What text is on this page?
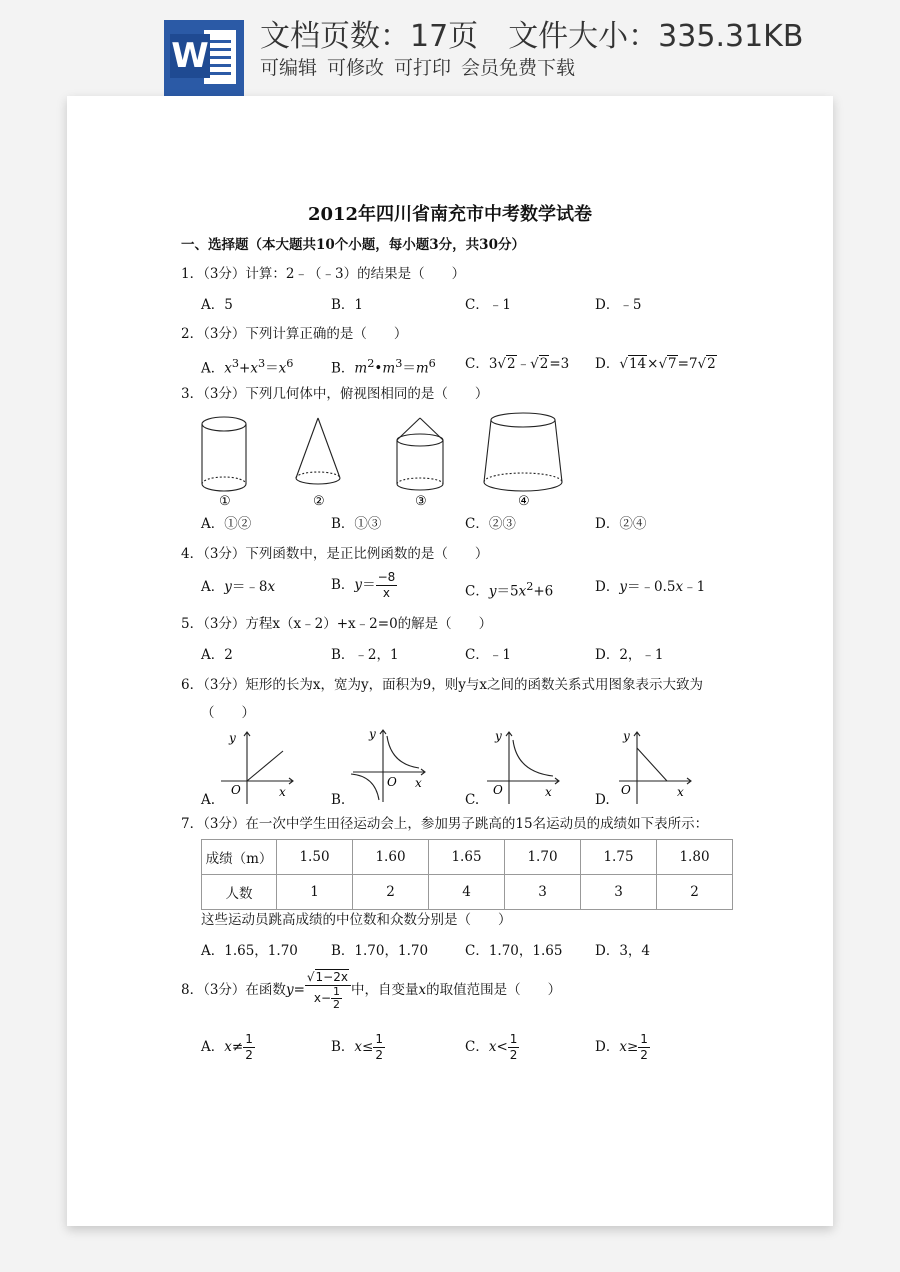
W 文档页数：17页 文件大小：335.31KB
可编辑 可修改 可打印 会员免费下载
2012年四川省南充市中考数学试卷
一、选择题（本大题共10个小题，每小题3分，共30分）
1．（3分）计算：2﹣（﹣3）的结果是（　　）
A．5	B．1	C．﹣1	D．﹣5
2．（3分）下列计算正确的是（　　）
A．$x^3+x^3=x^6$	B．$m^2•m^3=m^6$ C．3√2﹣√2=3 D．√14×√7=7√2
3．（3分）下列几何体中，俯视图相同的是（　　）
①	②	③	④
A．①②	B．①③	C．②③	D．②④
4．（3分）下列函数中，是正比例函数的是（　　）
A．y＝﹣8x	B．$y= \frac{-8}{x}$	C．$y=5x^2+6$	D．y＝﹣0.5x﹣1
5．（3分）方程x（x﹣2）+x﹣2=0的解是（　　）
A．2	B．﹣2，1	C．﹣1	D．2，﹣1
6．（3分）矩形的长为x，宽为y，面积为9，则y与x之间的函数关系式用图象表示大致为
（　　）
A.	B.	C.	D.
y
x
O
y
x
O
y
x
O
y
x
O
7．（3分）在一次中学生田径运动会上，参加男子跳高的15名运动员的成绩如下表所示：
成绩（m）	1.50	1.60	1.65	1.70	1.75	1.80
人数	1	2	4	3	3	2
这些运动员跳高成绩的中位数和众数分别是（　　）
A．1.65，1.70 B．1.70，1.70	C．1.70，1.65 D．3，4
8．（3分）在函数$y= \frac{√1-2x}{x- \frac{1}{2}}$ 中，自变量x的取值范围是（　　）
A．$x\ne \frac{1}{2}$	B．$x\le \frac{1}{2}$	C．$x< \frac{1}{2}$	D．$x\ge \frac{1}{2}$
